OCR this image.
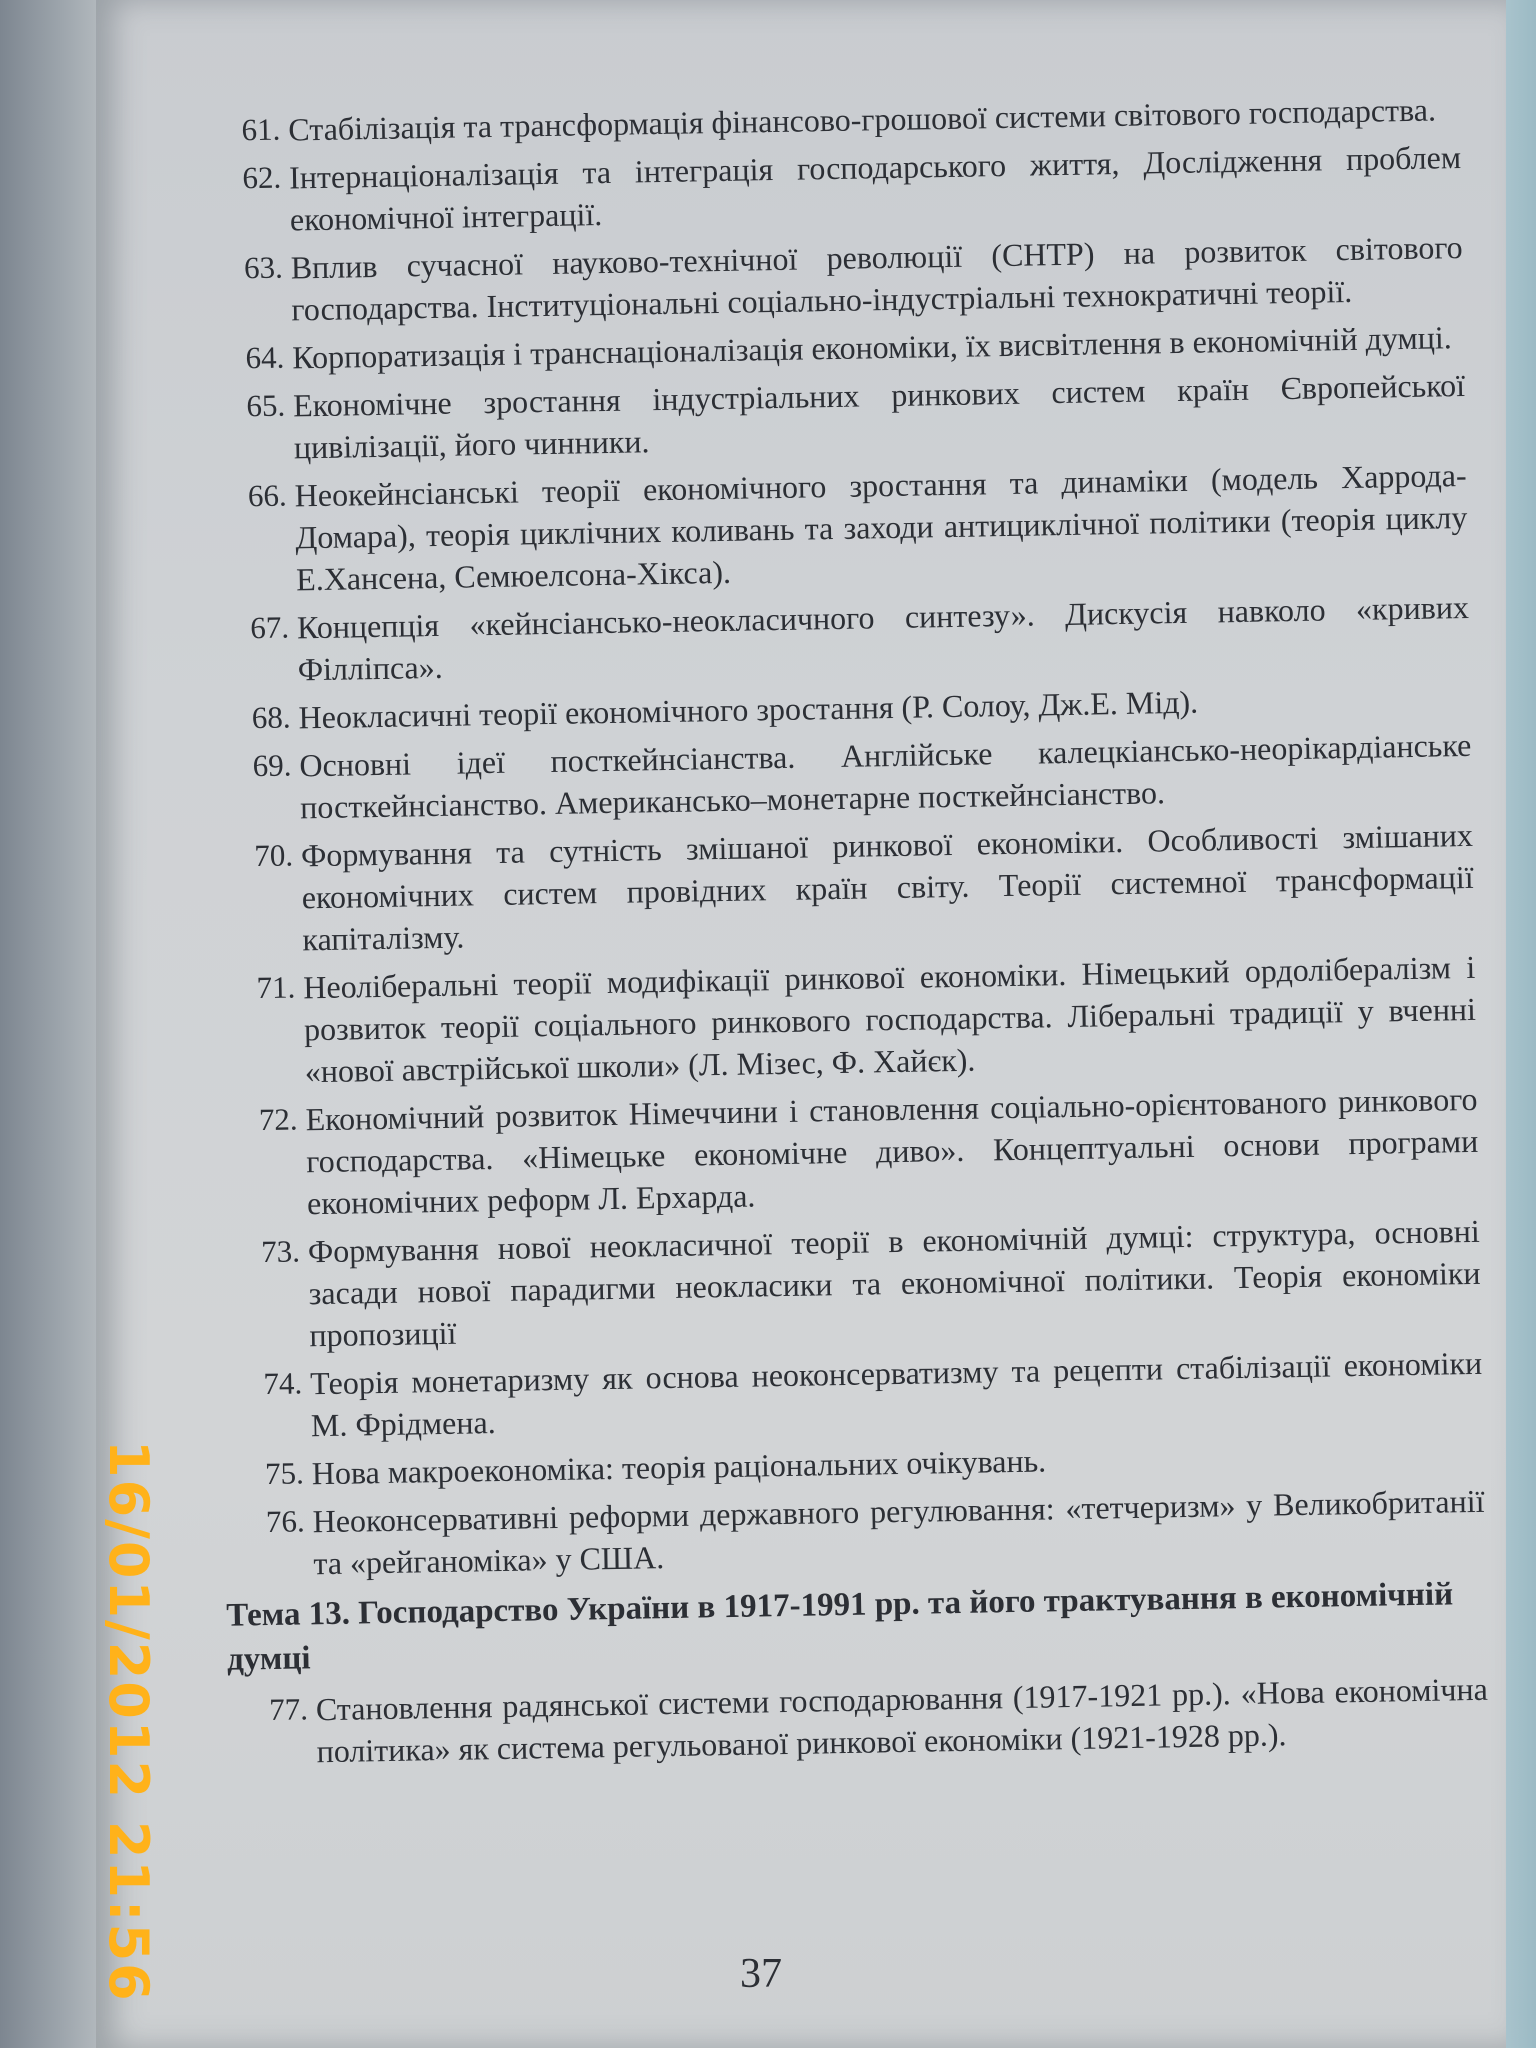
61. Стабілізація та трансформація фінансово-грошової системи світового господарства.
62. Інтернаціоналізація та інтеграція господарського життя, Дослідження проблем економічної інтеграції.
63. Вплив сучасної науково-технічної революції (СНТР) на розвиток світового господарства. Інституціональні соціально-індустріальні технократичні теорії.
64. Корпоратизація і транснаціоналізація економіки, їх висвітлення в економічній думці.
65. Економічне зростання індустріальних ринкових систем країн Європейської цивілізації, його чинники.
66. Неокейнсіанські теорії економічного зростання та динаміки (модель Харрода-Домара), теорія циклічних коливань та заходи антициклічної політики (теорія циклу Е.Хансена, Семюелсона-Хікса).
67. Концепція «кейнсіансько-неокласичного синтезу». Дискусія навколо «кривих Філліпса».
68. Неокласичні теорії економічного зростання (Р. Солоу, Дж.Е. Мід).
69. Основні ідеї посткейнсіанства. Англійське калецкіансько-неорікардіанське посткейнсіанство. Американсько–монетарне посткейнсіанство.
70. Формування та сутність змішаної ринкової економіки. Особливості змішаних економічних систем провідних країн світу. Теорії системної трансформації капіталізму.
71. Неоліберальні теорії модифікації ринкової економіки. Німецький ордолібералізм і розвиток теорії соціального ринкового господарства. Ліберальні традиції у вченні «нової австрійської школи» (Л. Мізес, Ф. Хайєк).
72. Економічний розвиток Німеччини і становлення соціально-орієнтованого ринкового господарства. «Німецьке економічне диво». Концептуальні основи програми економічних реформ Л. Ерхарда.
73. Формування нової неокласичної теорії в економічній думці: структура, основні засади нової парадигми неокласики та економічної політики. Теорія економіки пропозиції
74. Теорія монетаризму як основа неоконсерватизму та рецепти стабілізації економіки М. Фрідмена.
75. Нова макроекономіка: теорія раціональних очікувань.
76. Неоконсервативні реформи державного регулювання: «тетчеризм» у Великобританії та «рейганоміка» у США.
Тема 13. Господарство України в 1917-1991 рр. та його трактування в економічній думці
77. Становлення радянської системи господарювання (1917-1921 рр.). «Нова економічна політика» як система регульованої ринкової економіки (1921-1928 рр.).
37
16/01/2012 21:56
